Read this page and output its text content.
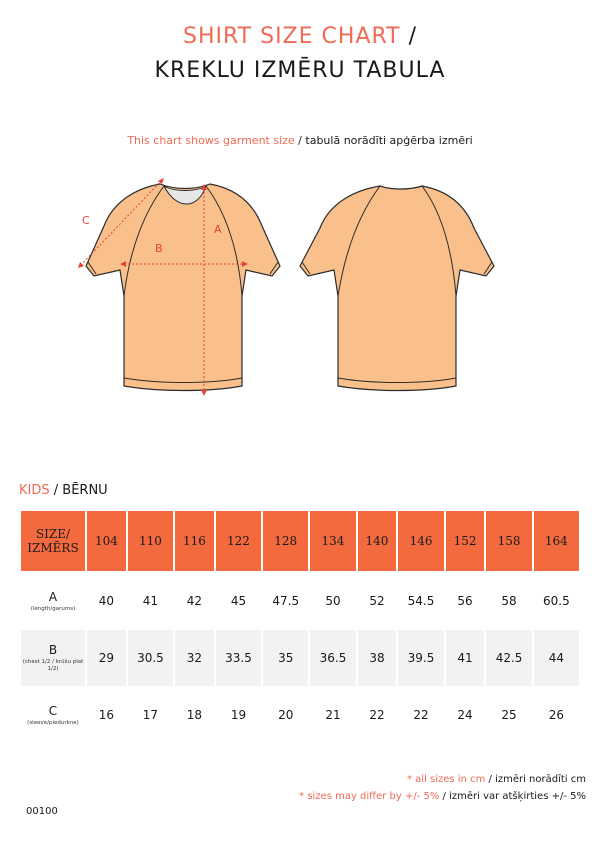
SHIRT SIZE CHART /
KREKLU IZMĒRU TABULA
This chart shows garment size / tabulā norādīti apģērba izmēri
A
B
C
KIDS / BĒRNU
SIZE/
IZMĒRS	104	110	116	122	128	134	140	146	152	158	164

A
(length/garums)	40	41	42	45	47.5	50	52	54.5	56	58	60.5

B
(chest 1/2 / krūšu plat 1/2)	29	30.5	32	33.5	35	36.5	38	39.5	41	42.5	44

C
(sleeve/piedurkne)	16	17	18	19	20	21	22	22	24	25	26
* all sizes in cm / izmēri norādīti cm
* sizes may differ by +/- 5% / izmēri var atšķirties +/- 5%
00100
